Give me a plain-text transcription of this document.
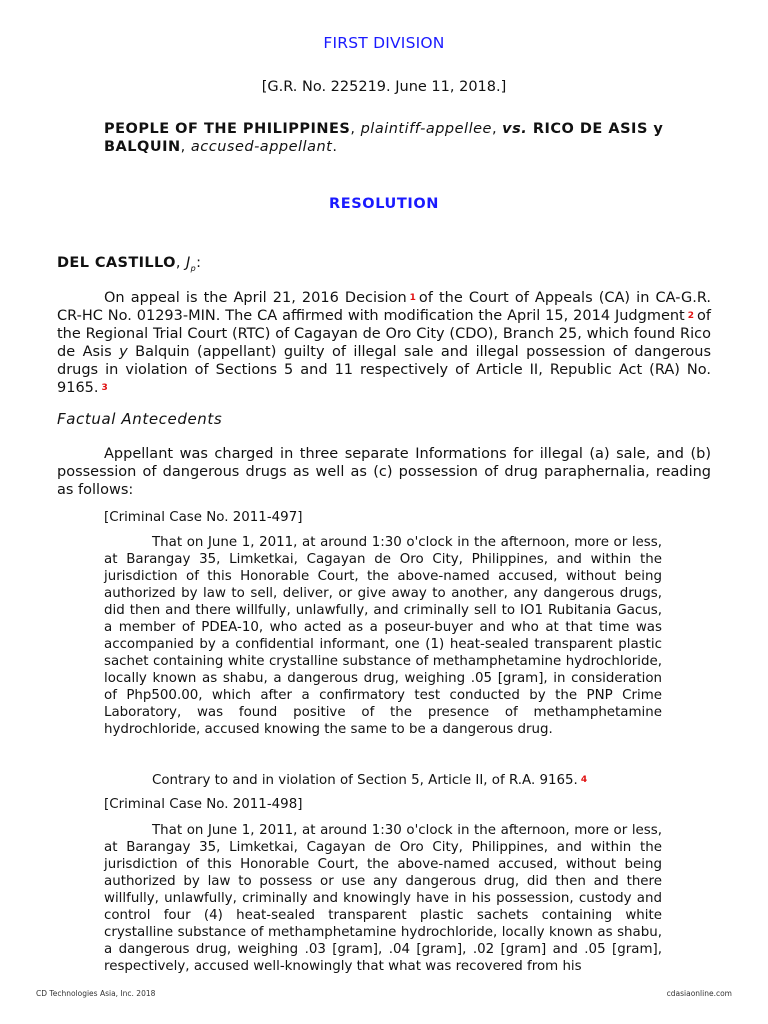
FIRST DIVISION
[G.R. No. 225219. June 11, 2018.]
PEOPLE OF THE PHILIPPINES, plaintiff-appellee, vs. RICO DE ASIS y BALQUIN, accused-appellant.
RESOLUTION
DEL CASTILLO, $J_p$:
On appeal is the April 21, 2016 Decision 1 of the Court of Appeals (CA) in CA-G.R. CR-HC No. 01293-MIN. The CA affirmed with modification the April 15, 2014 Judgment 2 of the Regional Trial Court (RTC) of Cagayan de Oro City (CDO), Branch 25, which found Rico de Asis y Balquin (appellant) guilty of illegal sale and illegal possession of dangerous drugs in violation of Sections 5 and 11 respectively of Article II, Republic Act (RA) No. 9165. 3
Factual Antecedents
Appellant was charged in three separate Informations for illegal (a) sale, and (b) possession of dangerous drugs as well as (c) possession of drug paraphernalia, reading as follows:
[Criminal Case No. 2011-497]
That on June 1, 2011, at around 1:30 o'clock in the afternoon, more or less, at Barangay 35, Limketkai, Cagayan de Oro City, Philippines, and within the jurisdiction of this Honorable Court, the above-named accused, without being authorized by law to sell, deliver, or give away to another, any dangerous drugs, did then and there willfully, unlawfully, and criminally sell to IO1 Rubitania Gacus, a member of PDEA-10, who acted as a poseur-buyer and who at that time was accompanied by a confidential informant, one (1) heat-sealed transparent plastic sachet containing white crystalline substance of methamphetamine hydrochloride, locally known as shabu, a dangerous drug, weighing .05 [gram], in consideration of Php500.00, which after a confirmatory test conducted by the PNP Crime Laboratory, was found positive of the presence of methamphetamine hydrochloride, accused knowing the same to be a dangerous drug.
Contrary to and in violation of Section 5, Article II, of R.A. 9165. 4
[Criminal Case No. 2011-498]
That on June 1, 2011, at around 1:30 o'clock in the afternoon, more or less, at Barangay 35, Limketkai, Cagayan de Oro City, Philippines, and within the jurisdiction of this Honorable Court, the above-named accused, without being authorized by law to possess or use any dangerous drug, did then and there willfully, unlawfully, criminally and knowingly have in his possession, custody and control four (4) heat-sealed transparent plastic sachets containing white crystalline substance of methamphetamine hydrochloride, locally known as shabu, a dangerous drug, weighing .03 [gram], .04 [gram], .02 [gram] and .05 [gram], respectively, accused well-knowingly that what was recovered from his
CD Technologies Asia, Inc. 2018	cdasiaonline.com
